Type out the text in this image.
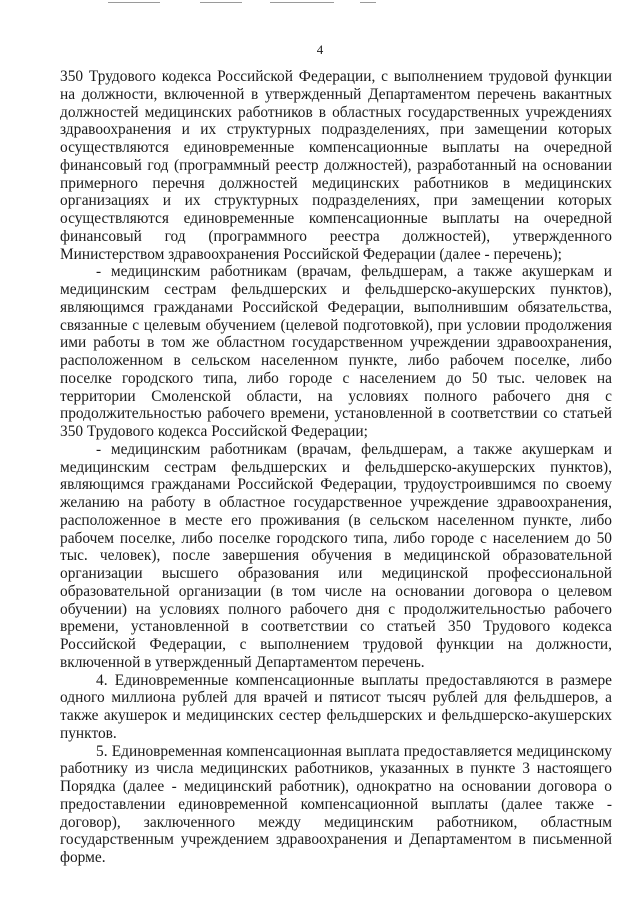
4

350 Трудового кодекса Российской Федерации, с выполнением трудовой функции на должности, включенной в утвержденный Департаментом перечень вакантных должностей медицинских работников в областных государственных учреждениях здравоохранения и их структурных подразделениях, при замещении которых осуществляются единовременные компенсационные выплаты на очередной финансовый год (программный реестр должностей), разработанный на основании примерного перечня должностей медицинских работников в медицинских организациях и их структурных подразделениях, при замещении которых осуществляются единовременные компенсационные выплаты на очередной финансовый год (программного реестра должностей), утвержденного Министерством здравоохранения Российской Федерации (далее - перечень);

- медицинским работникам (врачам, фельдшерам, а также акушеркам и медицинским сестрам фельдшерских и фельдшерско-акушерских пунктов), являющимся гражданами Российской Федерации, выполнившим обязательства, связанные с целевым обучением (целевой подготовкой), при условии продолжения ими работы в том же областном государственном учреждении здравоохранения, расположенном в сельском населенном пункте, либо рабочем поселке, либо поселке городского типа, либо городе с населением до 50 тыс. человек на территории Смоленской области, на условиях полного рабочего дня с продолжительностью рабочего времени, установленной в соответствии со статьей 350 Трудового кодекса Российской Федерации;

- медицинским работникам (врачам, фельдшерам, а также акушеркам и медицинским сестрам фельдшерских и фельдшерско-акушерских пунктов), являющимся гражданами Российской Федерации, трудоустроившимся по своему желанию на работу в областное государственное учреждение здравоохранения, расположенное в месте его проживания (в сельском населенном пункте, либо рабочем поселке, либо поселке городского типа, либо городе с населением до 50 тыс. человек), после завершения обучения в медицинской образовательной организации высшего образования или медицинской профессиональной образовательной организации (в том числе на основании договора о целевом обучении) на условиях полного рабочего дня с продолжительностью рабочего времени, установленной в соответствии со статьей 350 Трудового кодекса Российской Федерации, с выполнением трудовой функции на должности, включенной в утвержденный Департаментом перечень.

4. Единовременные компенсационные выплаты предоставляются в размере одного миллиона рублей для врачей и пятисот тысяч рублей для фельдшеров, а также акушерок и медицинских сестер фельдшерских и фельдшерско-акушерских пунктов.

5. Единовременная компенсационная выплата предоставляется медицинскому работнику из числа медицинских работников, указанных в пункте 3 настоящего Порядка (далее - медицинский работник), однократно на основании договора о предоставлении единовременной компенсационной выплаты (далее также - договор), заключенного между медицинским работником, областным государственным учреждением здравоохранения и Департаментом в письменной форме.
